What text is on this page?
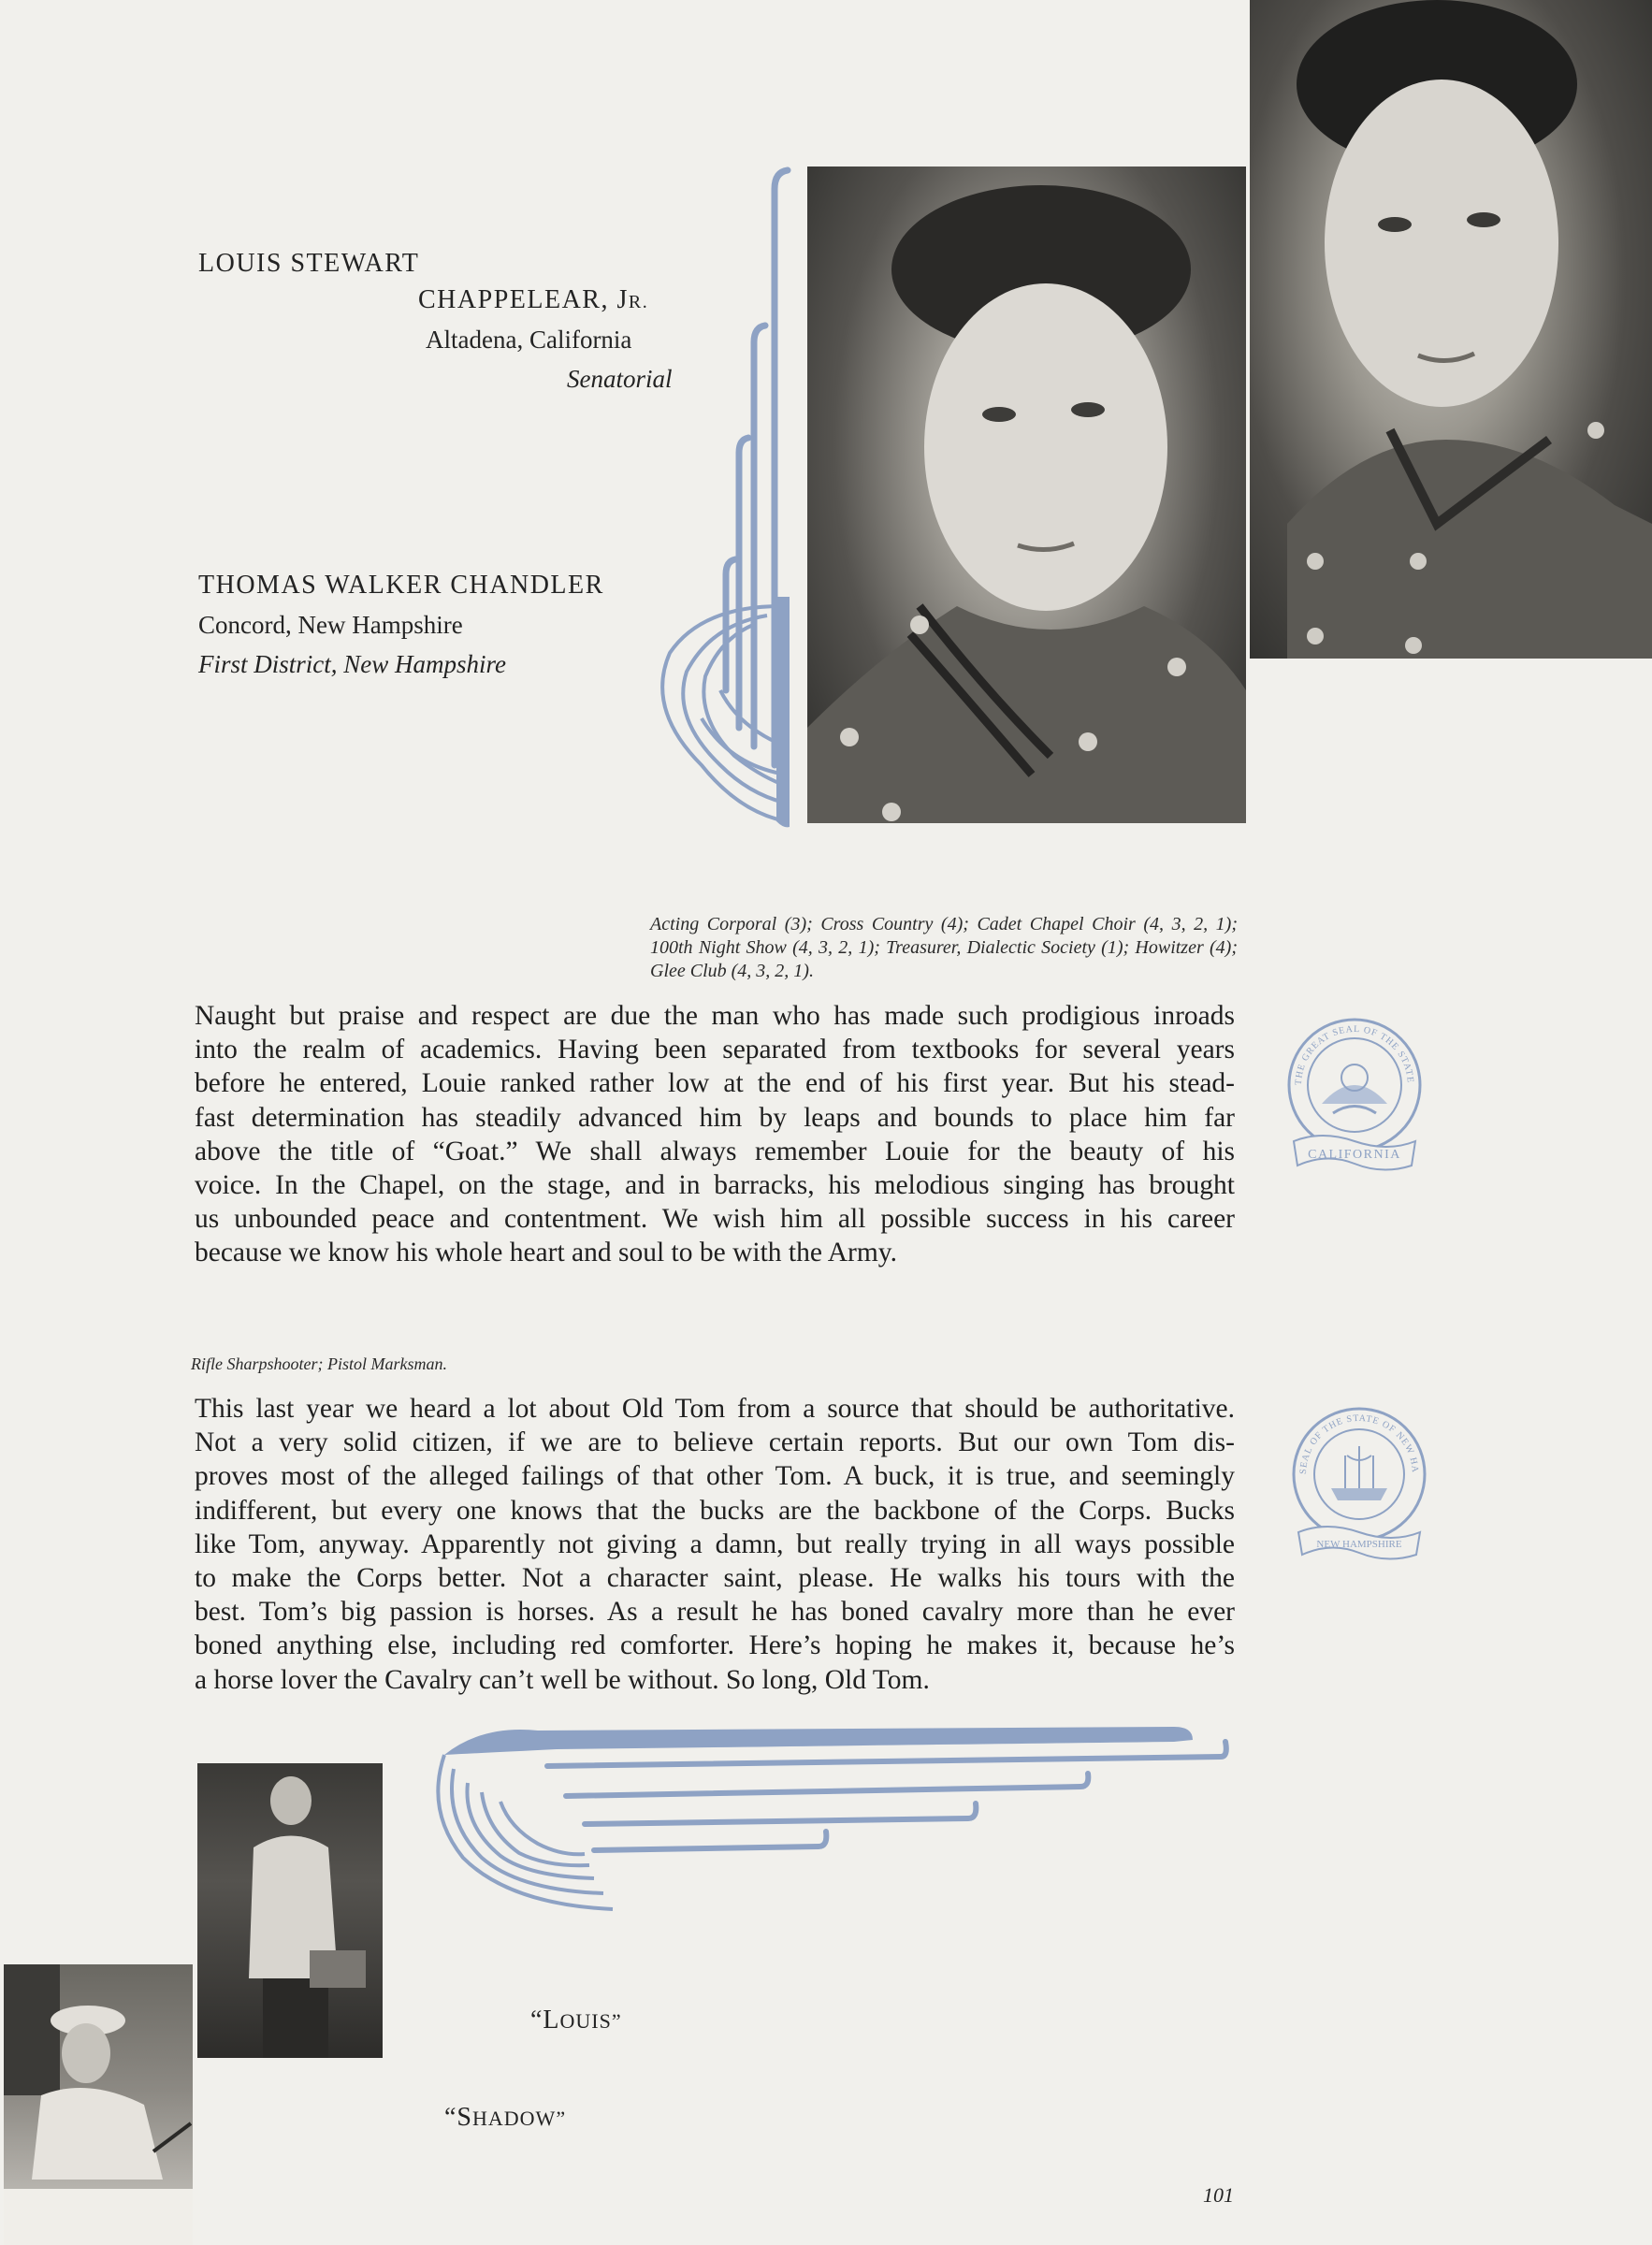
LOUIS STEWART
CHAPPELEAR, JR.
Altadena, California
Senatorial
THOMAS WALKER CHANDLER
Concord, New Hampshire
First District, New Hampshire
Acting Corporal (3); Cross Country (4); Cadet Chapel Choir (4, 3, 2, 1); 100th Night Show (4, 3, 2, 1); Treasurer, Dialectic Society (1); Howitzer (4); Glee Club (4, 3, 2, 1).
Naught but praise and respect are due the man who has made such prodigious inroads
into the realm of academics. Having been separated from textbooks for several years
before he entered, Louie ranked rather low at the end of his first year. But his stead-
fast determination has steadily advanced him by leaps and bounds to place him far
above the title of “Goat.” We shall always remember Louie for the beauty of his
voice. In the Chapel, on the stage, and in barracks, his melodious singing has brought
us unbounded peace and contentment. We wish him all possible success in his career
because we know his whole heart and soul to be with the Army.
THE GREAT SEAL OF THE STATE
CALIFORNIA
Rifle Sharpshooter; Pistol Marksman.
This last year we heard a lot about Old Tom from a source that should be authoritative.
Not a very solid citizen, if we are to believe certain reports. But our own Tom dis-
proves most of the alleged failings of that other Tom. A buck, it is true, and seemingly
indifferent, but every one knows that the bucks are the backbone of the Corps. Bucks
like Tom, anyway. Apparently not giving a damn, but really trying in all ways possible
to make the Corps better. Not a character saint, please. He walks his tours with the
best. Tom’s big passion is horses. As a result he has boned cavalry more than he ever
boned anything else, including red comforter. Here’s hoping he makes it, because he’s
a horse lover the Cavalry can’t well be without. So long, Old Tom.
SEAL OF THE STATE OF NEW HA
NEW HAMPSHIRE
“LOUIS”
“SHADOW”
101
